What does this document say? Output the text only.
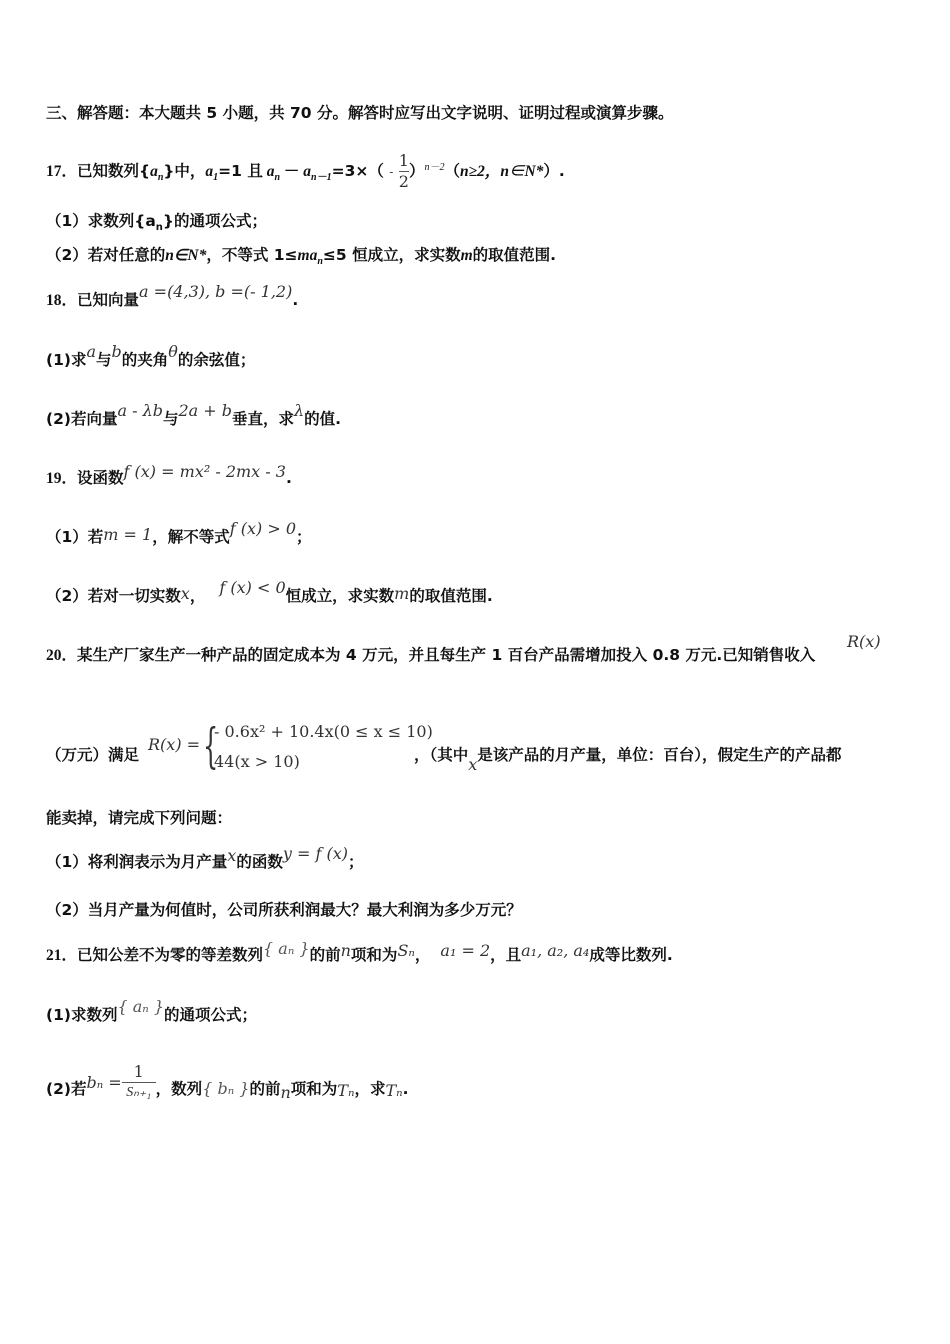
三、解答题：本大题共 5 小题，共 70 分。解答时应写出文字说明、证明过程或演算步骤。
17．已知数列$\{a_n\}$中，$a_1=1$ 且 $a_n - a_{n-1}=3\times( - \frac{1}{2} )^{n-2}(n\ge 2$，n∈N*）.
（1）求数列$\{a_n\}$的通项公式；
（2）若对任意的n∈N*，不等式 $1\le ma_n\le 5$ 恒成立，求实数m的取值范围.
18．已知向量a =(4,3), b =(- 1,2).
(1)求a与b的夹角θ的余弦值；
(2)若向量a - λb与2a + b垂直，求λ的值.
19．设函数f (x) = mx² - 2mx - 3.
（1）若m = 1，解不等式f (x) > 0；
（2）若对一切实数x， f (x) < 0恒成立，求实数m的取值范围.
20．某生产厂家生产一种产品的固定成本为 4 万元，并且每生产 1 百台产品需增加投入 0.8 万元.已知销售收入
R(x)
（万元）满足
R(x) = {
- 0.6x² + 10.4x(0 ≤ x ≤ 10)
44(x > 10)	，（其中x是该产品的月产量，单位：百台），假定生产的产品都
能卖掉，请完成下列问题：
（1）将利润表示为月产量x的函数y = f (x)；
（2）当月产量为何值时，公司所获利润最大？最大利润为多少万元？
21．已知公差不为零的等差数列{ aₙ }的前n项和为Sₙ， a₁ = 2，且a₁, a₂, a₄成等比数列.
(1)求数列{ aₙ }的通项公式；
(2)若$b_n = \frac{1}{\text{Sₙ₊₁}}$ ，数列{ bₙ }的前n项和为Tₙ，求Tₙ.
